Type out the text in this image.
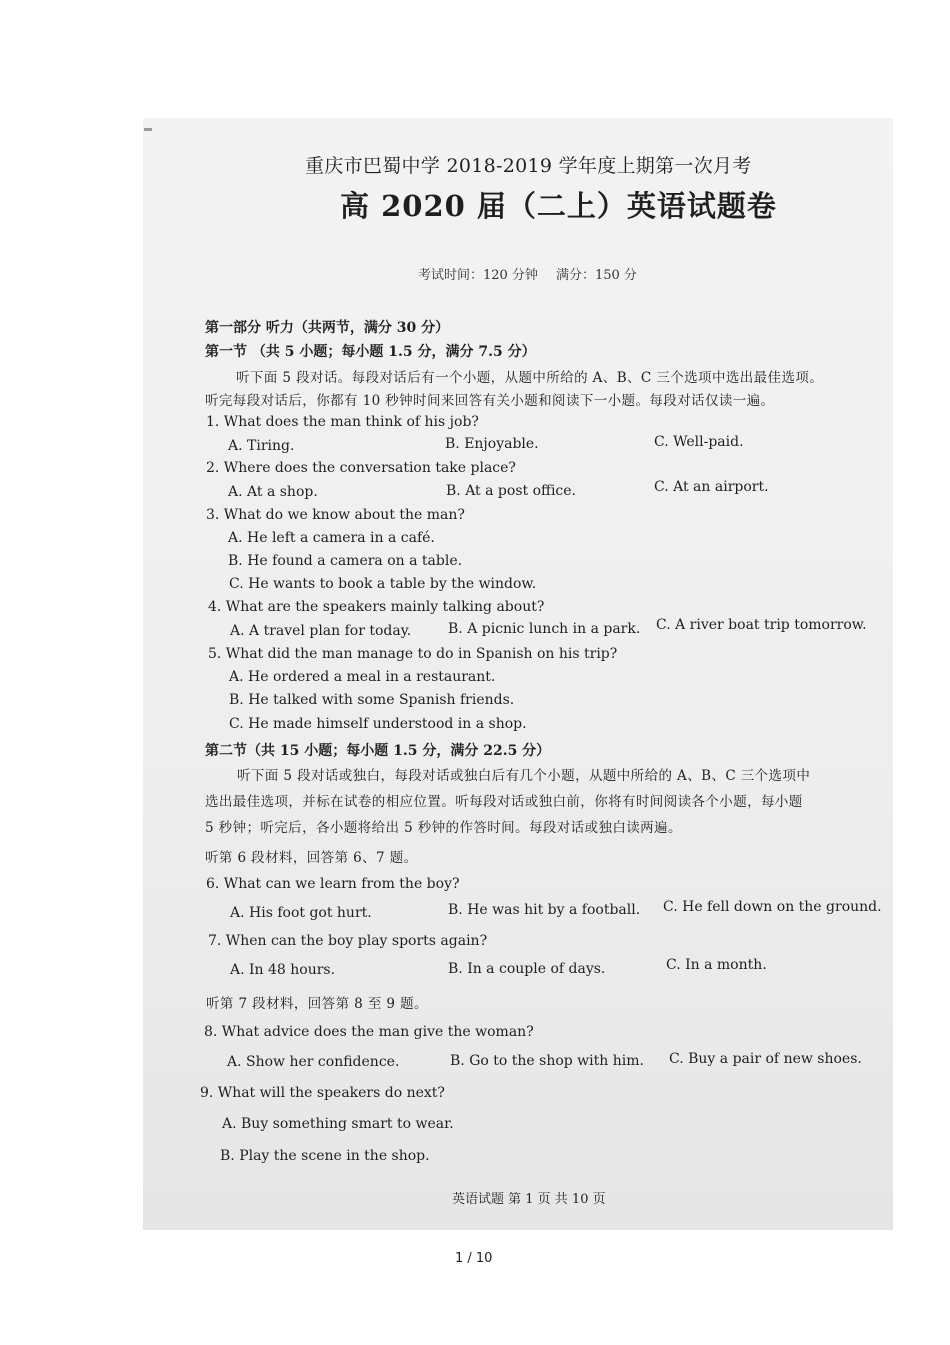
重庆市巴蜀中学 2018-2019 学年度上期第一次月考
高 2020 届（二上）英语试题卷
考试时间：120 分钟 满分：150 分
第一部分 听力（共两节，满分 30 分）
第一节 （共 5 小题；每小题 1.5 分，满分 7.5 分）
听下面 5 段对话。每段对话后有一个小题，从题中所给的 A、B、C 三个选项中选出最佳选项。
听完每段对话后，你都有 10 秒钟时间来回答有关小题和阅读下一小题。每段对话仅读一遍。
1. What does the man think of his job?
A. Tiring.	B. Enjoyable.	C. Well-paid.
2. Where does the conversation take place?
A. At a shop.	B. At a post office.	C. At an airport.
3. What do we know about the man?
A. He left a camera in a café.
B. He found a camera on a table.
C. He wants to book a table by the window.
4. What are the speakers mainly talking about?
A. A travel plan for today.	B. A picnic lunch in a park. C. A river boat trip tomorrow.
5. What did the man manage to do in Spanish on his trip?
A. He ordered a meal in a restaurant.
B. He talked with some Spanish friends.
C. He made himself understood in a shop.
第二节（共 15 小题；每小题 1.5 分，满分 22.5 分）
听下面 5 段对话或独白，每段对话或独白后有几个小题，从题中所给的 A、B、C 三个选项中
选出最佳选项，并标在试卷的相应位置。听每段对话或独白前，你将有时间阅读各个小题，每小题
5 秒钟；听完后，各小题将给出 5 秒钟的作答时间。每段对话或独白读两遍。
听第 6 段材料，回答第 6、7 题。
6. What can we learn from the boy?
A. His foot got hurt.	B. He was hit by a football. C. He fell down on the ground.
7. When can the boy play sports again?
A. In 48 hours.	B. In a couple of days.	C. In a month.
听第 7 段材料，回答第 8 至 9 题。
8. What advice does the man give the woman?
A. Show her confidence.	B. Go to the shop with him. C. Buy a pair of new shoes.
9. What will the speakers do next?
A. Buy something smart to wear.
B. Play the scene in the shop.
英语试题 第 1 页 共 10 页
1 / 10
